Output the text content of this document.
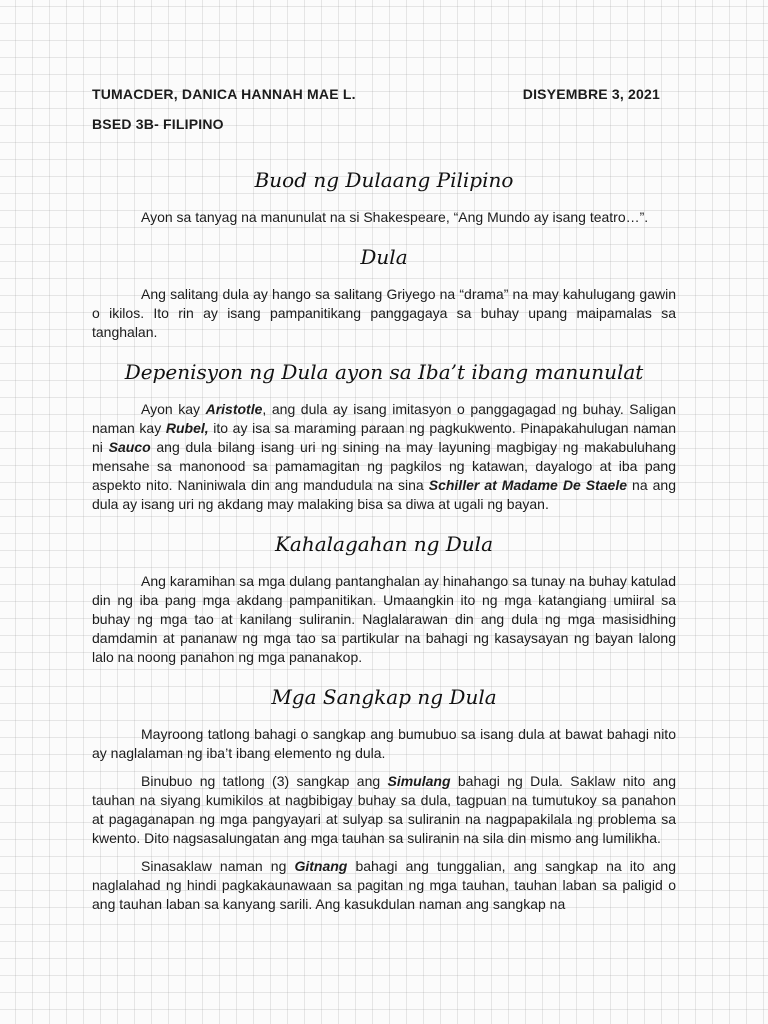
TUMACDER, DANICA HANNAH MAE L.	DISYEMBRE 3, 2021
BSED 3B- FILIPINO
Buod ng Dulaang Pilipino

Ayon sa tanyag na manunulat na si Shakespeare, “Ang Mundo ay isang teatro…”.

Dula

Ang salitang dula ay hango sa salitang Griyego na “drama” na may kahulugang gawin o ikilos. Ito rin ay isang pampanitikang panggagaya sa buhay upang maipamalas sa tanghalan.

Depenisyon ng Dula ayon sa Iba’t ibang manunulat

Ayon kay Aristotle, ang dula ay isang imitasyon o panggagagad ng buhay. Saligan naman kay Rubel, ito ay isa sa maraming paraan ng pagkukwento. Pinapakahulugan naman ni Sauco ang dula bilang isang uri ng sining na may layuning magbigay ng makabuluhang mensahe sa manonood sa pamamagitan ng pagkilos ng katawan, dayalogo at iba pang aspekto nito. Naniniwala din ang mandudula na sina Schiller at Madame De Staele na ang dula ay isang uri ng akdang may malaking bisa sa diwa at ugali ng bayan.

Kahalagahan ng Dula

Ang karamihan sa mga dulang pantanghalan ay hinahango sa tunay na buhay katulad din ng iba pang mga akdang pampanitikan. Umaangkin ito ng mga katangiang umiiral sa buhay ng mga tao at kanilang suliranin. Naglalarawan din ang dula ng mga masisidhing damdamin at pananaw ng mga tao sa partikular na bahagi ng kasaysayan ng bayan lalong lalo na noong panahon ng mga pananakop.

Mga Sangkap ng Dula

Mayroong tatlong bahagi o sangkap ang bumubuo sa isang dula at bawat bahagi nito ay naglalaman ng iba’t ibang elemento ng dula.

Binubuo ng tatlong (3) sangkap ang Simulang bahagi ng Dula. Saklaw nito ang tauhan na siyang kumikilos at nagbibigay buhay sa dula, tagpuan na tumutukoy sa panahon at pagaganapan ng mga pangyayari at sulyap sa suliranin na nagpapakilala ng problema sa kwento. Dito nagsasalungatan ang mga tauhan sa suliranin na sila din mismo ang lumilikha.

Sinasaklaw naman ng Gitnang bahagi ang tunggalian, ang sangkap na ito ang naglalahad ng hindi pagkakaunawaan sa pagitan ng mga tauhan, tauhan laban sa paligid o ang tauhan laban sa kanyang sarili. Ang kasukdulan naman ang sangkap na
